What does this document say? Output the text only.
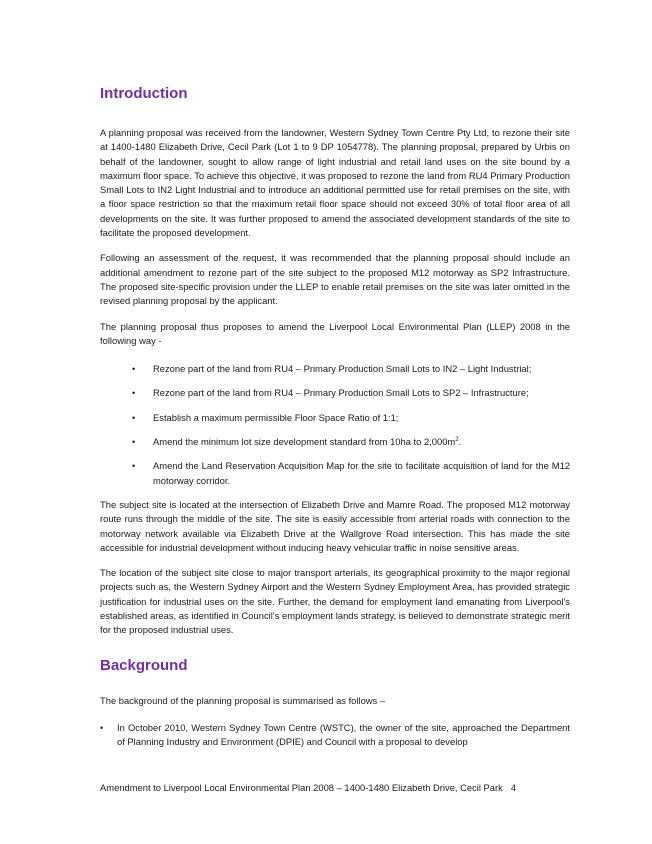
Introduction

A planning proposal was received from the landowner, Western Sydney Town Centre Pty Ltd, to rezone their site at 1400-1480 Elizabeth Drive, Cecil Park (Lot 1 to 9 DP 1054778). The planning proposal, prepared by Urbis on behalf of the landowner, sought to allow range of light industrial and retail land uses on the site bound by a maximum floor space. To achieve this objective, it was proposed to rezone the land from RU4 Primary Production Small Lots to IN2 Light Industrial and to introduce an additional permitted use for retail premises on the site, with a floor space restriction so that the maximum retail floor space should not exceed 30% of total floor area of all developments on the site. It was further proposed to amend the associated development standards of the site to facilitate the proposed development.

Following an assessment of the request, it was recommended that the planning proposal should include an additional amendment to rezone part of the site subject to the proposed M12 motorway as SP2 Infrastructure. The proposed site-specific provision under the LLEP to enable retail premises on the site was later omitted in the revised planning proposal by the applicant.

The planning proposal thus proposes to amend the Liverpool Local Environmental Plan (LLEP) 2008 in the following way -

• Rezone part of the land from RU4 – Primary Production Small Lots to IN2 – Light Industrial;
• Rezone part of the land from RU4 – Primary Production Small Lots to SP2 – Infrastructure;
• Establish a maximum permissible Floor Space Ratio of 1:1;
• Amend the minimum lot size development standard from 10ha to $2,000m^2$.
• Amend the Land Reservation Acquisition Map for the site to facilitate acquisition of land for the M12 motorway corridor.

The subject site is located at the intersection of Elizabeth Drive and Mamre Road. The proposed M12 motorway route runs through the middle of the site. The site is easily accessible from arterial roads with connection to the motorway network available via Elizabeth Drive at the Wallgrove Road intersection. This has made the site accessible for industrial development without inducing heavy vehicular traffic in noise sensitive areas.

The location of the subject site close to major transport arterials, its geographical proximity to the major regional projects such as, the Western Sydney Airport and the Western Sydney Employment Area, has provided strategic justification for industrial uses on the site. Further, the demand for employment land emanating from Liverpool’s established areas, as identified in Council’s employment lands strategy, is believed to demonstrate strategic merit for the proposed industrial uses.

Background

The background of the planning proposal is summarised as follows –

• In October 2010, Western Sydney Town Centre (WSTC), the owner of the site, approached the Department of Planning Industry and Environment (DPIE) and Council with a proposal to develop
Amendment to Liverpool Local Environmental Plan 2008 – 1400-1480 Elizabeth Drive, Cecil Park 4
